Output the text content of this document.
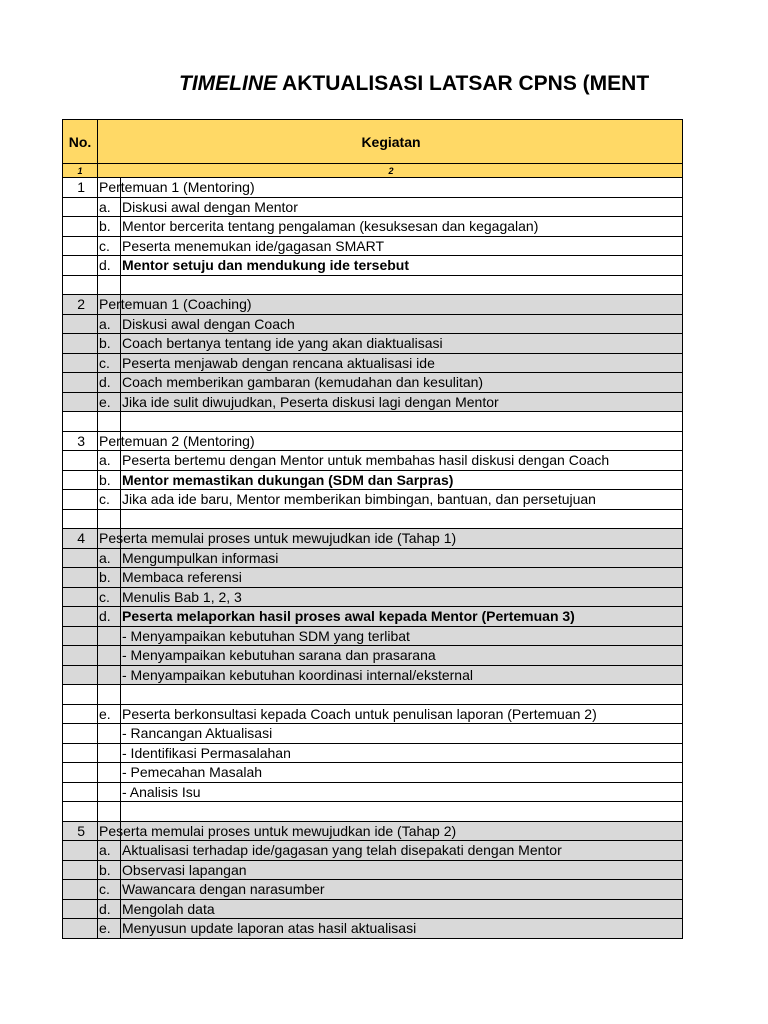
TIMELINE AKTUALISASI LATSAR CPNS (MENT
No.	Kegiatan
1	2
1	Pertemuan 1 (Mentoring)
a. Diskusi awal dengan Mentor
b. Mentor bercerita tentang pengalaman (kesuksesan dan kegagalan)
c. Peserta menemukan ide/gagasan SMART
d. Mentor setuju dan mendukung ide tersebut
2	Pertemuan 1 (Coaching)
a. Diskusi awal dengan Coach
b. Coach bertanya tentang ide yang akan diaktualisasi
c. Peserta menjawab dengan rencana aktualisasi ide
d. Coach memberikan gambaran (kemudahan dan kesulitan)
e. Jika ide sulit diwujudkan, Peserta diskusi lagi dengan Mentor
3	Pertemuan 2 (Mentoring)
a. Peserta bertemu dengan Mentor untuk membahas hasil diskusi dengan Coach
b. Mentor memastikan dukungan (SDM dan Sarpras)
c. Jika ada ide baru, Mentor memberikan bimbingan, bantuan, dan persetujuan
4	Peserta memulai proses untuk mewujudkan ide (Tahap 1)
a. Mengumpulkan informasi
b. Membaca referensi
c. Menulis Bab 1, 2, 3
d. Peserta melaporkan hasil proses awal kepada Mentor (Pertemuan 3)
- Menyampaikan kebutuhan SDM yang terlibat
- Menyampaikan kebutuhan sarana dan prasarana
- Menyampaikan kebutuhan koordinasi internal/eksternal
e. Peserta berkonsultasi kepada Coach untuk penulisan laporan (Pertemuan 2)
- Rancangan Aktualisasi
- Identifikasi Permasalahan
- Pemecahan Masalah
- Analisis Isu
5	Peserta memulai proses untuk mewujudkan ide (Tahap 2)
a. Aktualisasi terhadap ide/gagasan yang telah disepakati dengan Mentor
b. Observasi lapangan
c. Wawancara dengan narasumber
d. Mengolah data
e. Menyusun update laporan atas hasil aktualisasi
